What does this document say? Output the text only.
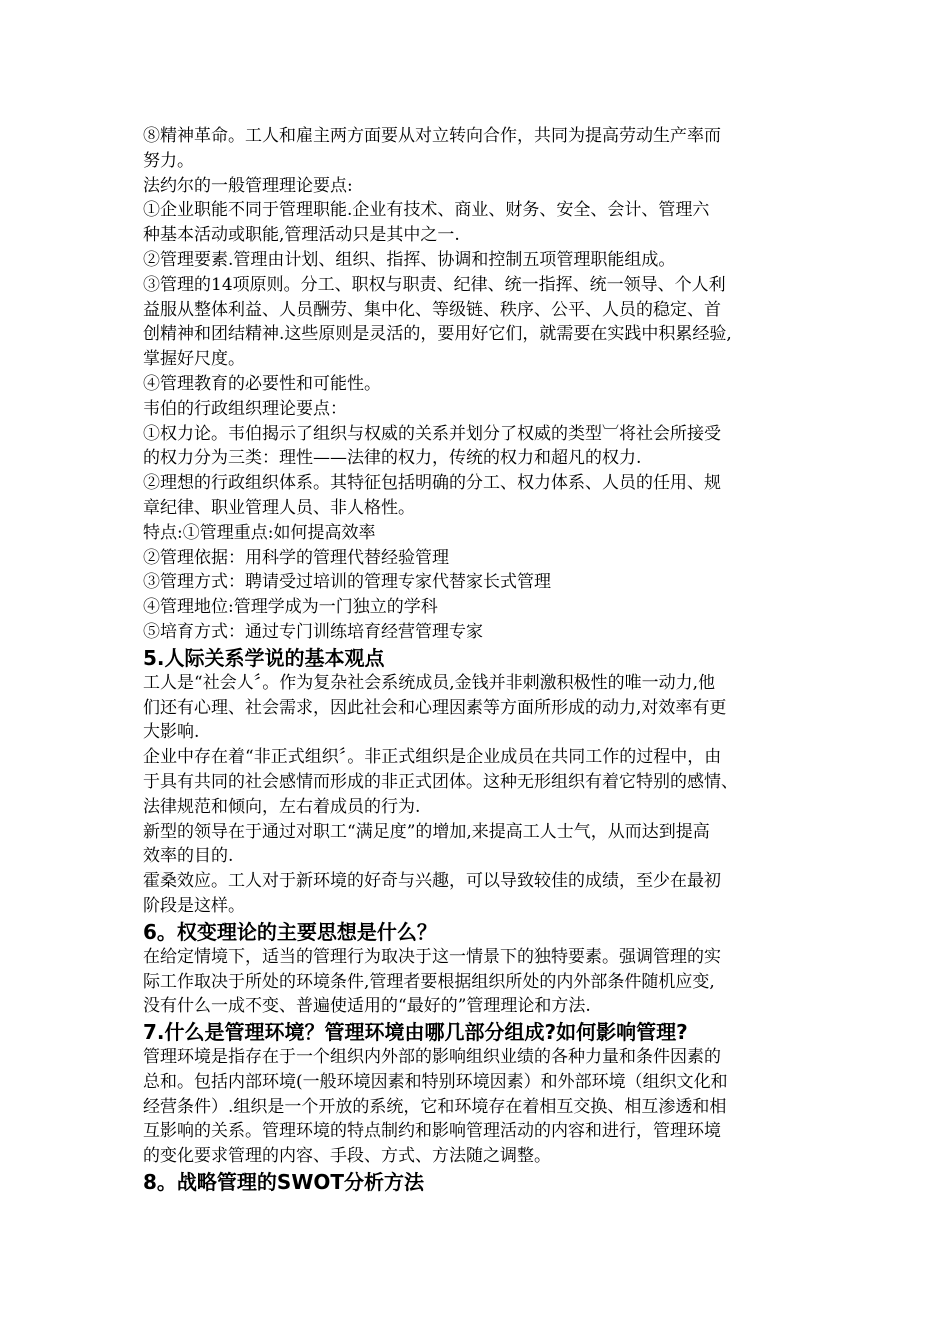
⑧精神革命。工人和雇主两方面要从对立转向合作，共同为提高劳动生产率而

努力。

法约尔的一般管理理论要点:

①企业职能不同于管理职能.企业有技术、商业、财务、安全、会计、管理六

种基本活动或职能,管理活动只是其中之一.

②管理要素.管理由计划、组织、指挥、协调和控制五项管理职能组成。

③管理的14项原则。分工、职权与职责、纪律、统一指挥、统一领导、个人利

益服从整体利益、人员酬劳、集中化、等级链、秩序、公平、人员的稳定、首

创精神和团结精神.这些原则是灵活的，要用好它们，就需要在实践中积累经验,

掌握好尺度。

④管理教育的必要性和可能性。

韦伯的行政组织理论要点：

①权力论。韦伯揭示了组织与权威的关系并划分了权威的类型︺将社会所接受

的权力分为三类：理性——法律的权力，传统的权力和超凡的权力.

②理想的行政组织体系。其特征包括明确的分工、权力体系、人员的任用、规

章纪律、职业管理人员、非人格性。

特点:①管理重点:如何提高效率

②管理依据：用科学的管理代替经验管理

③管理方式：聘请受过培训的管理专家代替家长式管理

④管理地位:管理学成为一门独立的学科

⑤培育方式：通过专门训练培育经营管理专家

5.人际关系学说的基本观点

工人是“社会人〞。作为复杂社会系统成员,金钱并非刺激积极性的唯一动力,他

们还有心理、社会需求，因此社会和心理因素等方面所形成的动力,对效率有更

大影响.

企业中存在着“非正式组织〞。非正式组织是企业成员在共同工作的过程中，由

于具有共同的社会感情而形成的非正式团体。这种无形组织有着它特别的感情、

法律规范和倾向，左右着成员的行为.

新型的领导在于通过对职工“满足度”的增加,来提高工人士气，从而达到提高

效率的目的.

霍桑效应。工人对于新环境的好奇与兴趣，可以导致较佳的成绩，至少在最初

阶段是这样。

6。权变理论的主要思想是什么？

在给定情境下，适当的管理行为取决于这一情景下的独特要素。强调管理的实

际工作取决于所处的环境条件,管理者要根据组织所处的内外部条件随机应变,

没有什么一成不变、普遍使适用的“最好的”管理理论和方法.

7.什么是管理环境？管理环境由哪几部分组成?如何影响管理?

管理环境是指存在于一个组织内外部的影响组织业绩的各种力量和条件因素的

总和。包括内部环境(一般环境因素和特别环境因素）和外部环境（组织文化和

经营条件）.组织是一个开放的系统，它和环境存在着相互交换、相互渗透和相

互影响的关系。管理环境的特点制约和影响管理活动的内容和进行，管理环境

的变化要求管理的内容、手段、方式、方法随之调整。

8。战略管理的SWOT分析方法
